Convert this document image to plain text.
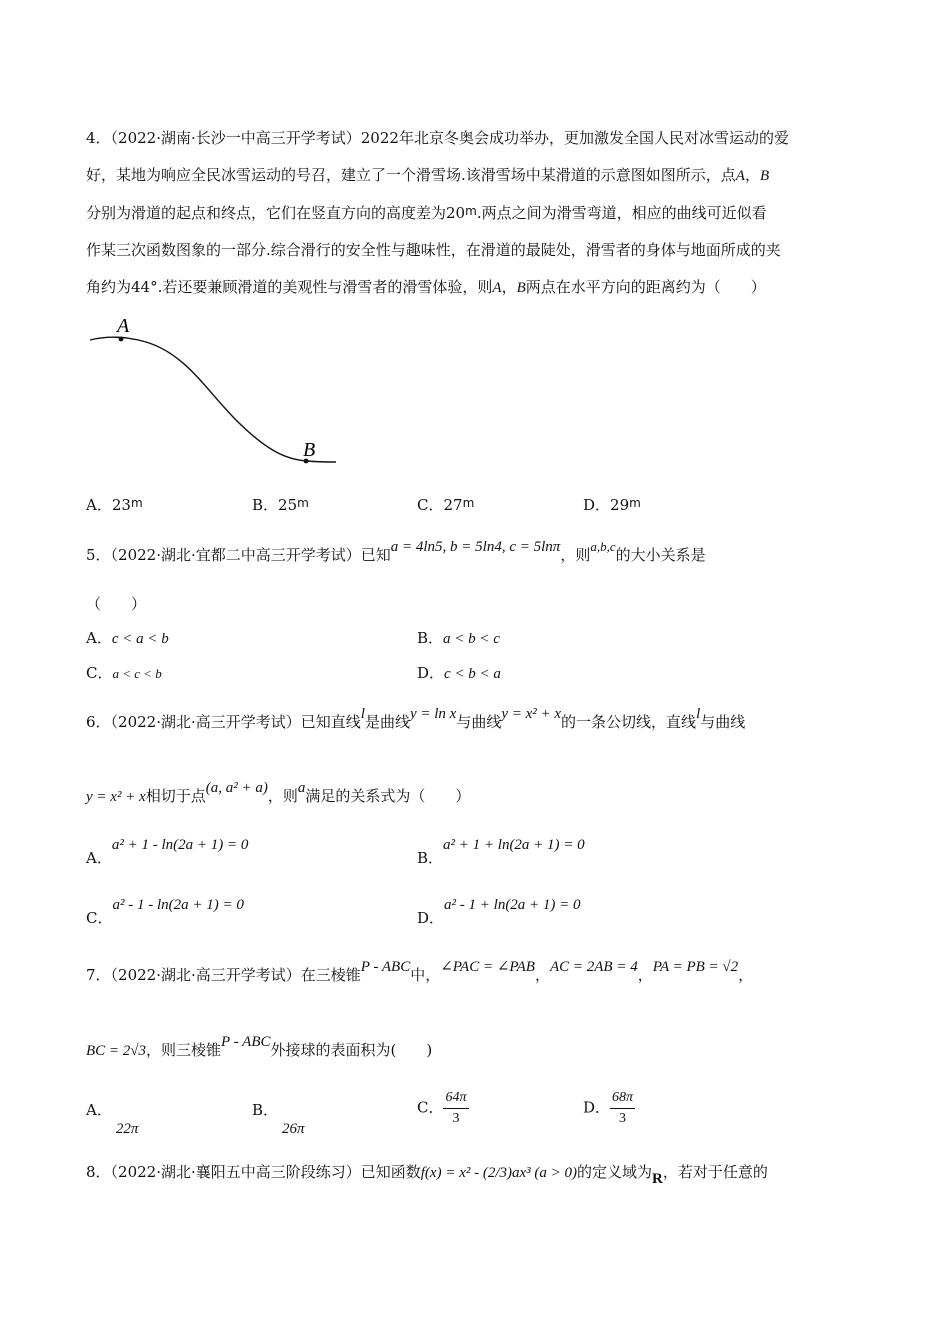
4．（2022·湖南·长沙一中高三开学考试）2022年北京冬奥会成功举办，更加激发全国人民对冰雪运动的爱
好，某地为响应全民冰雪运动的号召，建立了一个滑雪场.该滑雪场中某滑道的示意图如图所示，点A，B
分别为滑道的起点和终点，它们在竖直方向的高度差为20$^m$.两点之间为滑雪弯道，相应的曲线可近似看
作某三次函数图象的一部分.综合滑行的安全性与趣味性，在滑道的最陡处，滑雪者的身体与地面所成的夹
角约为44°.若还要兼顾滑道的美观性与滑雪者的滑雪体验，则A，B两点在水平方向的距离约为（　　）
A
B
A．23$^m$	B．25$^m$	C．27$^m$	D．29$^m$
5．（2022·湖北·宜都二中高三开学考试）已知a = 4ln5, b = 5ln4, c = 5lnπ，则a,b,c的大小关系是
（　　）
A．c < a < b	B．a < b < c
C．a < c < b	D．c < b < a
6．（2022·湖北·高三开学考试）已知直线l是曲线y = ln x与曲线y = x² + x的一条公切线，直线l与曲线
y = x² + x相切于点(a, a² + a)，则a满足的关系式为（　　）
A．a² + 1 - ln(2a + 1) = 0
B．a² + 1 + ln(2a + 1) = 0
C．a² - 1 - ln(2a + 1) = 0
D．a² - 1 + ln(2a + 1) = 0
7．（2022·湖北·高三开学考试）在三棱锥P - ABC中，∠PAC = ∠PAB，AC = 2AB = 4，PA = PB = √2，
BC = 2√3，则三棱锥P - ABC外接球的表面积为(　　)
A．22π
B．26π
C． $\frac{64\pi}{3}$	D． $\frac{68\pi}{3}$
8．（2022·湖北·襄阳五中高三阶段练习）已知函数f(x) = x² - (2/3)ax³ (a > 0)的定义域为R，若对于任意的
